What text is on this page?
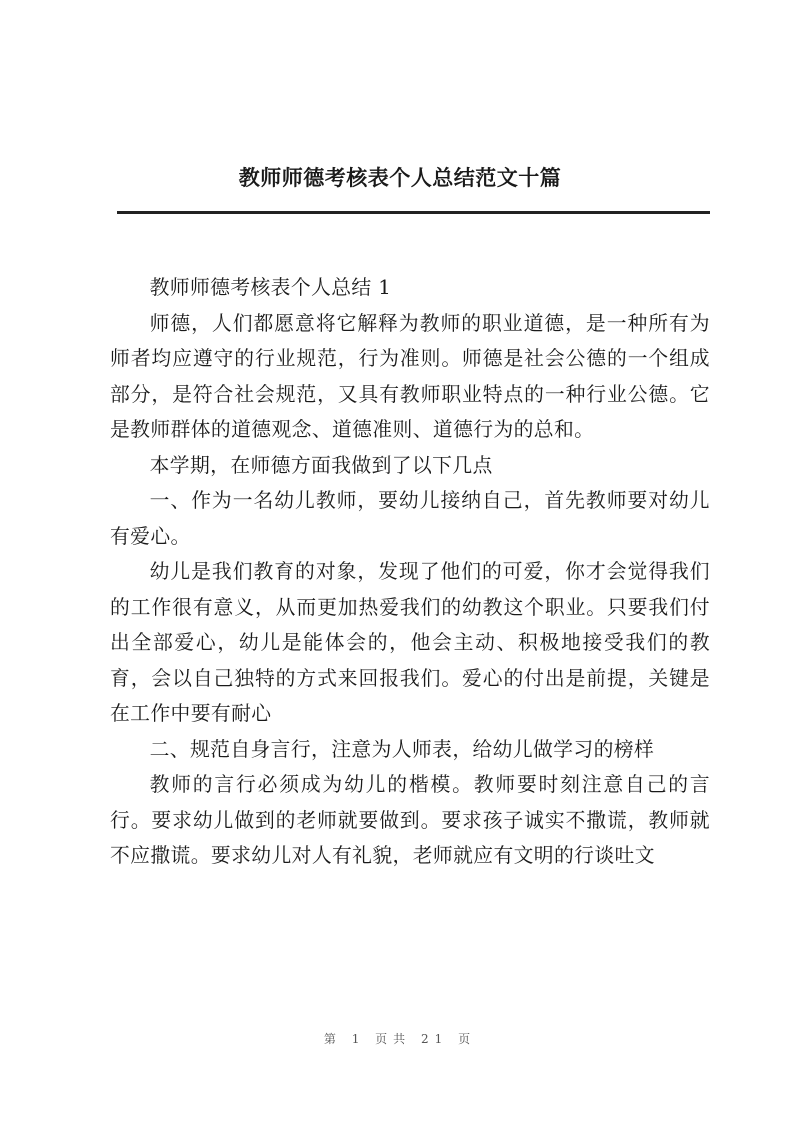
教师师德考核表个人总结范文十篇

教师师德考核表个人总结 1

师德，人们都愿意将它解释为教师的职业道德，是一种所有为师者均应遵守的行业规范，行为准则。师德是社会公德的一个组成部分，是符合社会规范，又具有教师职业特点的一种行业公德。它是教师群体的道德观念、道德准则、道德行为的总和。

本学期，在师德方面我做到了以下几点

一、作为一名幼儿教师，要幼儿接纳自己，首先教师要对幼儿有爱心。

幼儿是我们教育的对象，发现了他们的可爱，你才会觉得我们的工作很有意义，从而更加热爱我们的幼教这个职业。只要我们付出全部爱心，幼儿是能体会的，他会主动、积极地接受我们的教育，会以自己独特的方式来回报我们。爱心的付出是前提，关键是在工作中要有耐心

二、规范自身言行，注意为人师表，给幼儿做学习的榜样

教师的言行必须成为幼儿的楷模。教师要时刻注意自己的言行。要求幼儿做到的老师就要做到。要求孩子诚实不撒谎，教师就不应撒谎。要求幼儿对人有礼貌，老师就应有文明的行谈吐文

第 1 页共 21 页
